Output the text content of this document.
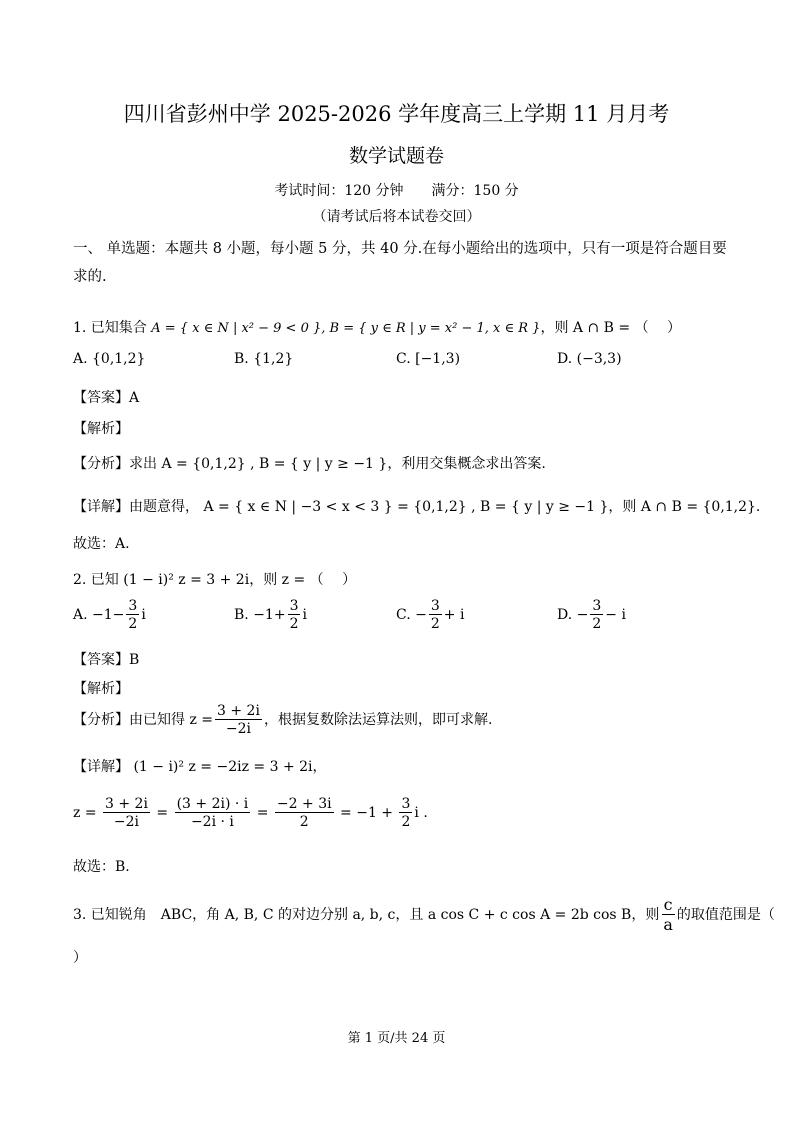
四川省彭州中学 2025-2026 学年度高三上学期 11 月月考
数学试题卷
考试时间：120 分钟 满分：150 分
（请考试后将本试卷交回）
一、 单选题：本题共 8 小题，每小题 5 分，共 40 分.在每小题给出的选项中，只有一项是符合题目要求的.
1. 已知集合 A = { x ∈ N | x² − 9 < 0 }, B = { y ∈ R | y = x² − 1, x ∈ R }，则 A ∩ B = （　 ）
A. {0,1,2}	B. {1,2}	C. [−1,3)	D. (−3,3)
【答案】A
【解析】
【分析】求出 A = {0,1,2} , B = { y | y ≥ −1 }，利用交集概念求出答案.
【详解】由题意得， A = { x ∈ N | −3 < x < 3 } = {0,1,2} , B = { y | y ≥ −1 }，则 A ∩ B = {0,1,2}.
故选：A.
2. 已知 (1 − i)² z = 3 + 2i，则 z = （　 ）
A. $-1- \frac{3}{2}$ i	B. $-1+ \frac{3}{2}$ i	C. − $\frac{3}{2} + i$	D. − $\frac{3}{2} - i$
【答案】B
【解析】
【分析】由已知得 $z = \frac{3 + 2i}{-2i}$ ，根据复数除法运算法则，即可求解.
【详解】 (1 − i)² z = −2iz = 3 + 2i，
$z = \frac{3 + 2i}{-2i} = \frac{(3 + 2i) \cdot i}{-2i \cdot i} = \frac{-2 + 3i}{2} = -1 + \frac{3}{2}$ i .
故选：B.
3. 已知锐角　ABC，角 A, B, C 的对边分别 a, b, c，且 a cos C + c cos A = 2b cos B，则 $\frac{c}{a}$ 的取值范围是（
）
第 1 页/共 24 页
